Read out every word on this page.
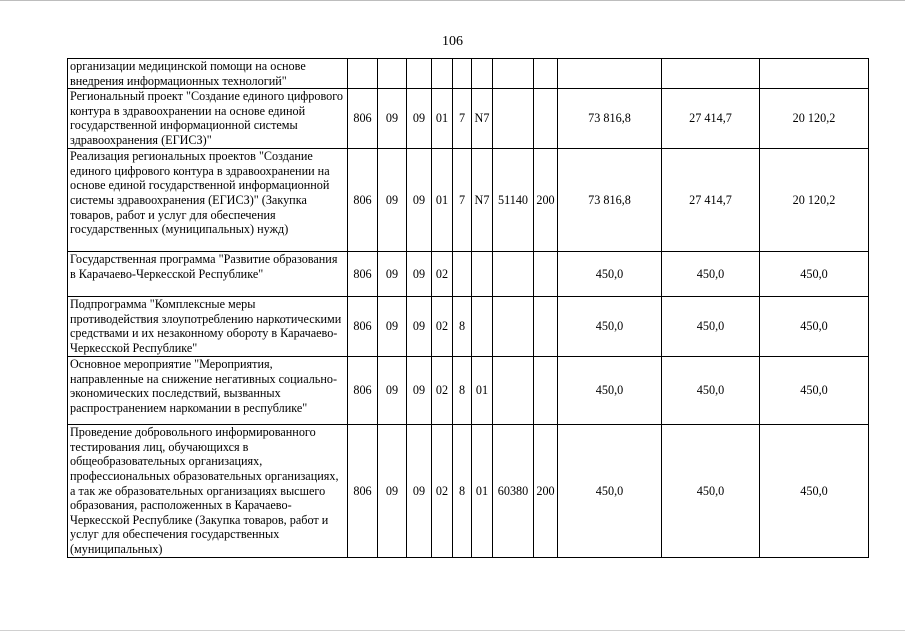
106
организации медицинской помощи на основе внедрения информационных технологий"											
Региональный проект "Создание единого цифрового контура в здравоохранении на основе единой государственной информационной системы здравоохранения (ЕГИСЗ)"	806	09	09	01	7	N7			73 816,8	27 414,7	20 120,2
Реализация региональных проектов "Создание единого цифрового контура в здравоохранении на основе единой государственной информационной системы здравоохранения (ЕГИСЗ)" (Закупка товаров, работ и услуг для обеспечения государственных (муниципальных) нужд)	806	09	09	01	7	N7	51140	200	73 816,8	27 414,7	20 120,2
Государственная программа "Развитие образования в Карачаево-Черкесской Республике"	806	09	09	02					450,0	450,0	450,0
Подпрограмма "Комплексные меры противодействия злоупотреблению наркотическими средствами и их незаконному обороту в Карачаево-Черкесской Республике"	806	09	09	02	8				450,0	450,0	450,0
Основное мероприятие "Мероприятия, направленные на снижение негативных социально-экономических последствий, вызванных распространением наркомании в республике"	806	09	09	02	8	01			450,0	450,0	450,0
Проведение добровольного информированного тестирования лиц, обучающихся в общеобразовательных организациях, профессиональных образовательных организациях, а так же образовательных организациях высшего образования, расположенных в Карачаево-Черкесской Республике (Закупка товаров, работ и услуг для обеспечения государственных (муниципальных)	806	09	09	02	8	01	60380	200	450,0	450,0	450,0
